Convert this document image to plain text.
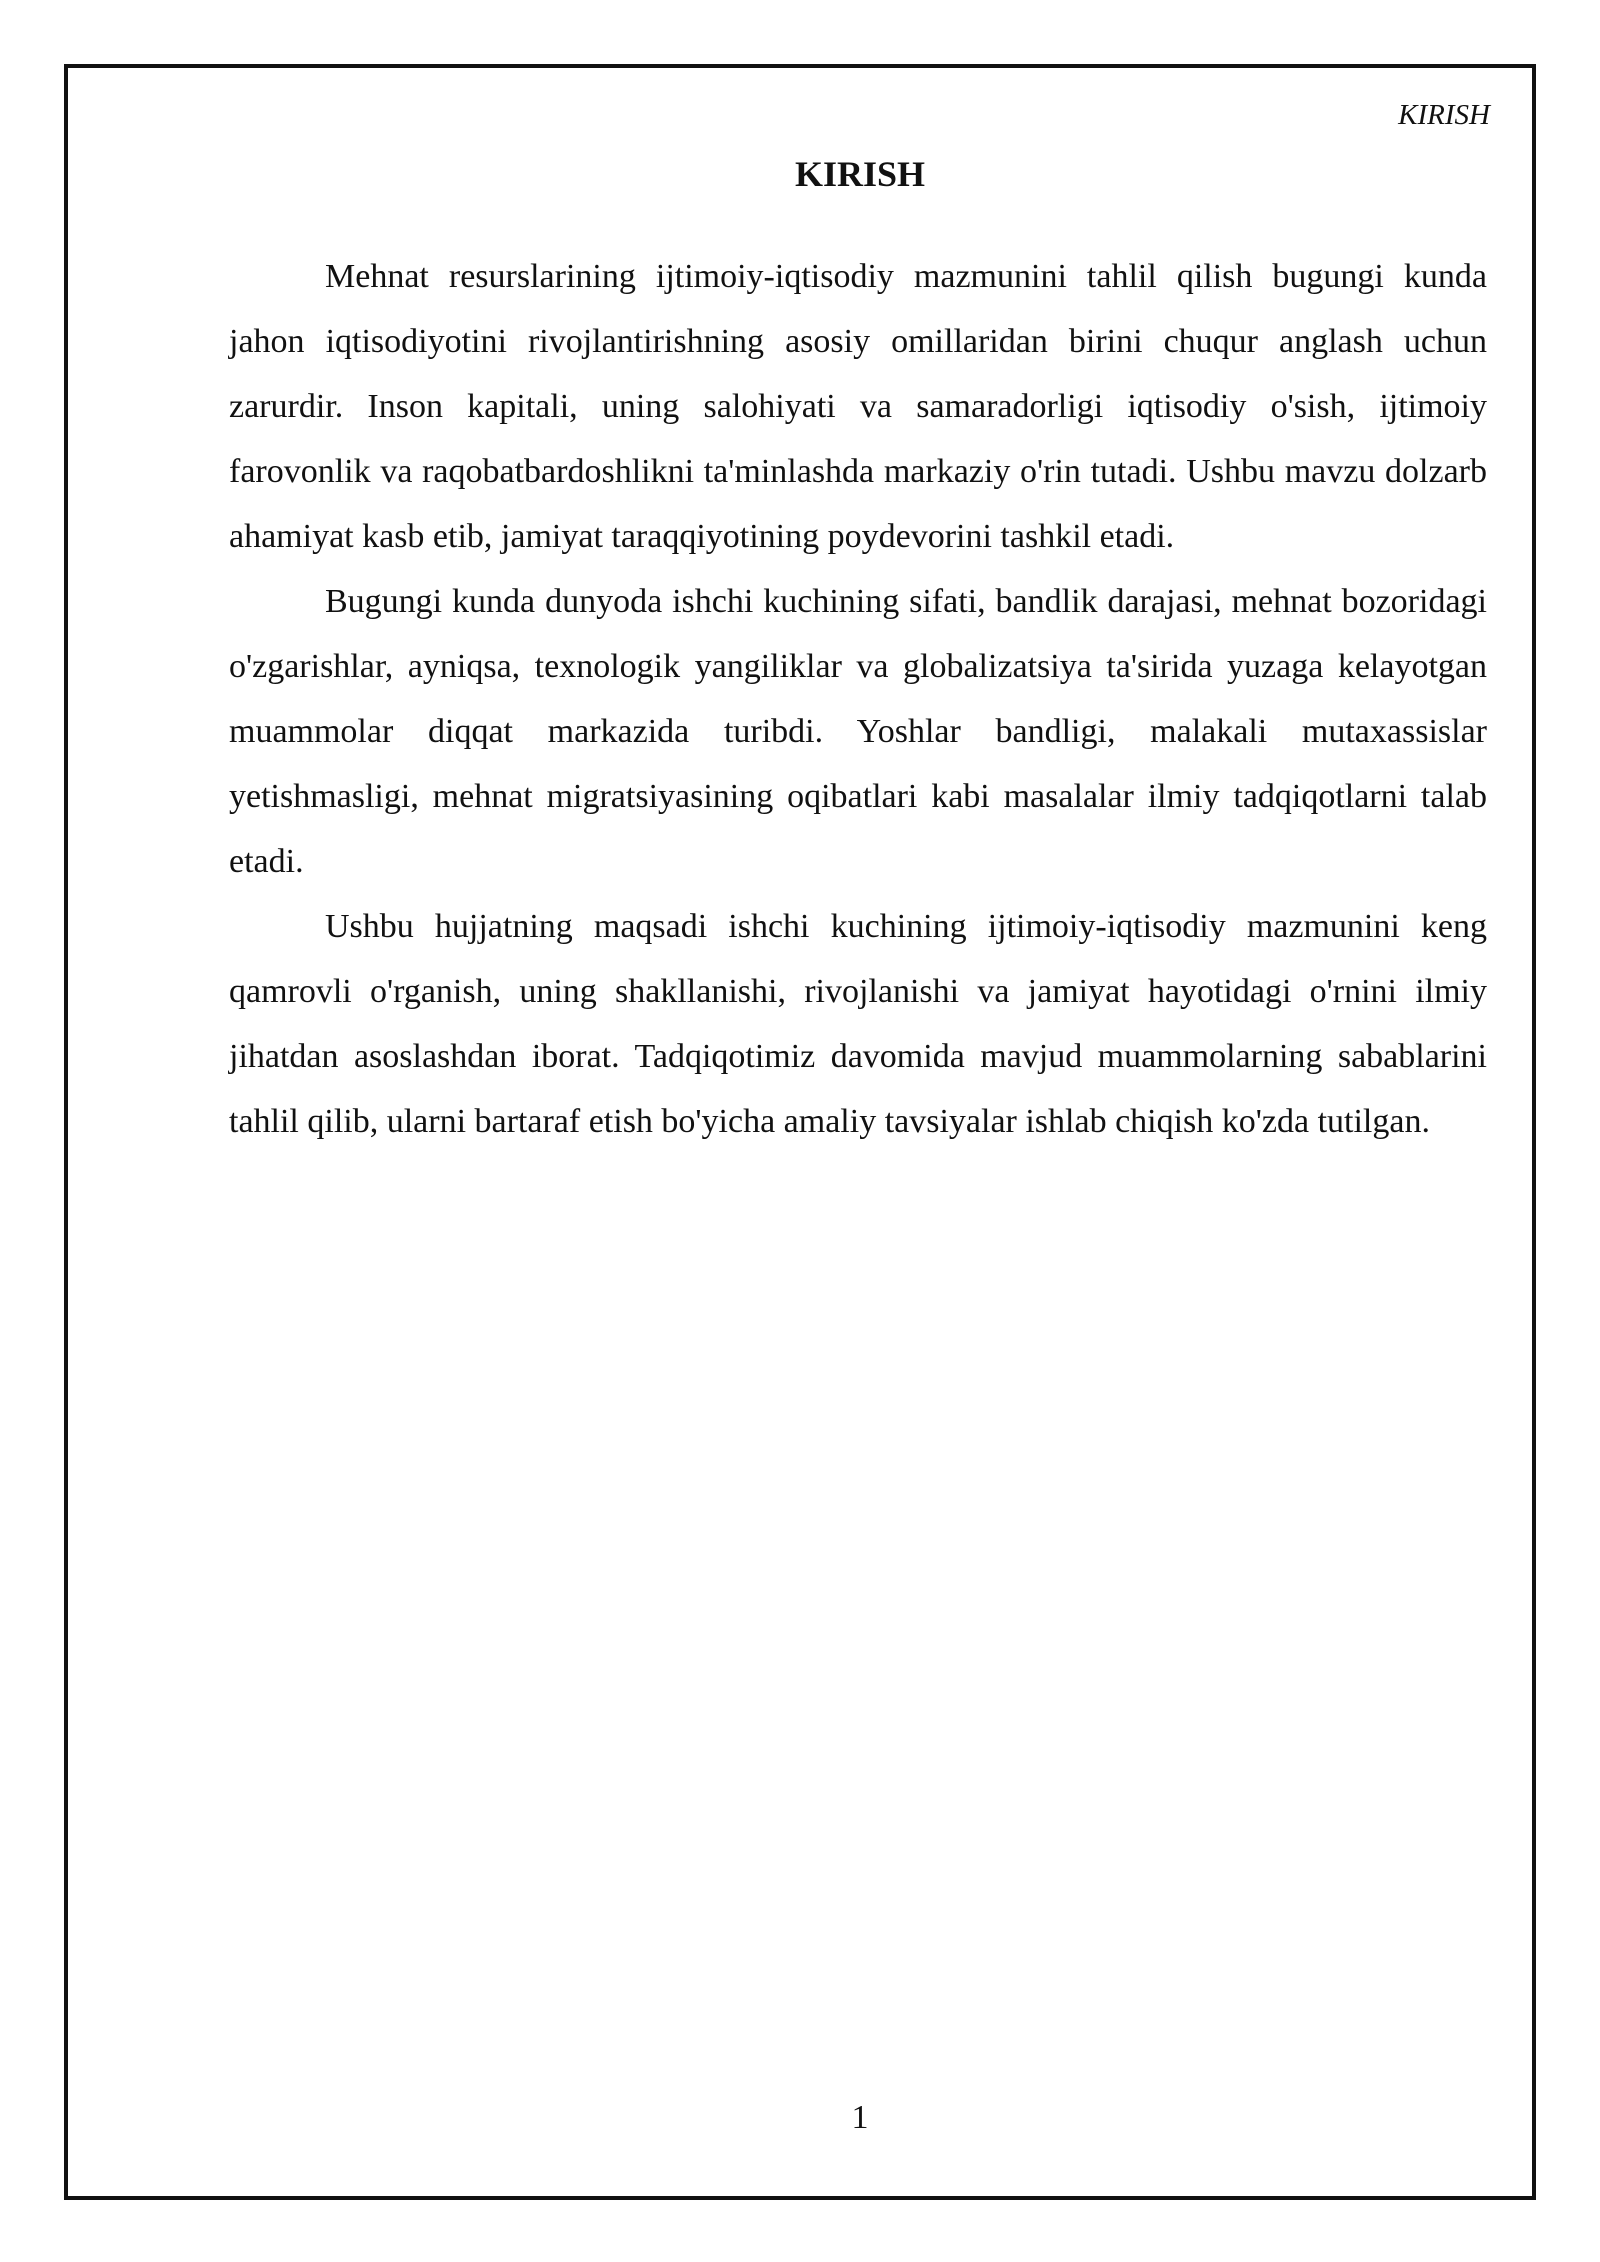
KIRISH
KIRISH

Mehnat resurslarining ijtimoiy-iqtisodiy mazmunini tahlil qilish bugungi kunda jahon iqtisodiyotini rivojlantirishning asosiy omillaridan birini chuqur anglash uchun zarurdir. Inson kapitali, uning salohiyati va samaradorligi iqtisodiy o'sish, ijtimoiy farovonlik va raqobatbardoshlikni ta'minlashda markaziy o'rin tutadi. Ushbu mavzu dolzarb ahamiyat kasb etib, jamiyat taraqqiyotining poydevorini tashkil etadi.

Bugungi kunda dunyoda ishchi kuchining sifati, bandlik darajasi, mehnat bozoridagi o'zgarishlar, ayniqsa, texnologik yangiliklar va globalizatsiya ta'sirida yuzaga kelayotgan muammolar diqqat markazida turibdi. Yoshlar bandligi, malakali mutaxassislar yetishmasligi, mehnat migratsiyasining oqibatlari kabi masalalar ilmiy tadqiqotlarni talab etadi.

Ushbu hujjatning maqsadi ishchi kuchining ijtimoiy-iqtisodiy mazmunini keng qamrovli o'rganish, uning shakllanishi, rivojlanishi va jamiyat hayotidagi o'rnini ilmiy jihatdan asoslashdan iborat. Tadqiqotimiz davomida mavjud muammolarning sabablarini tahlil qilib, ularni bartaraf etish bo'yicha amaliy tavsiyalar ishlab chiqish ko'zda tutilgan.

1
